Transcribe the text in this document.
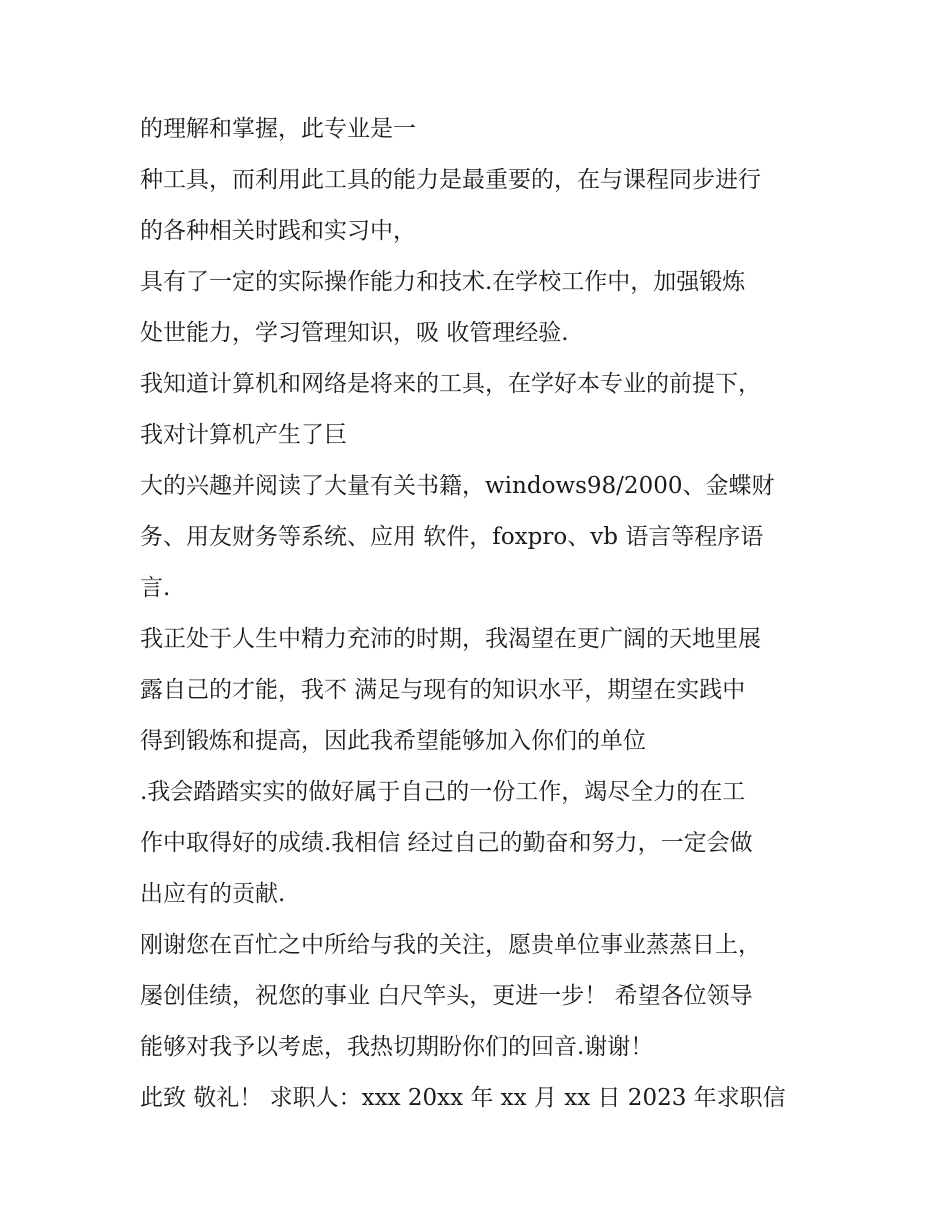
的理解和掌握，此专业是一

种工具，而利用此工具的能力是最重要的，在与课程同步进行

的各种相关时践和实习中，

具有了一定的实际操作能力和技术.在学校工作中，加强锻炼

处世能力，学习管理知识，吸 收管理经验.

我知道计算机和网络是将来的工具，在学好本专业的前提下，

我对计算机产生了巨

大的兴趣并阅读了大量有关书籍，windows98/2000、金蝶财

务、用友财务等系统、应用 软件，foxpro、vb 语言等程序语

言.

我正处于人生中精力充沛的时期，我渴望在更广阔的天地里展

露自己的才能，我不 满足与现有的知识水平，期望在实践中

得到锻炼和提高，因此我希望能够加入你们的单位

.我会踏踏实实的做好属于自己的一份工作，竭尽全力的在工

作中取得好的成绩.我相信 经过自己的勤奋和努力，一定会做

出应有的贡献.

刚谢您在百忙之中所给与我的关注，愿贵单位事业蒸蒸日上，

屡创佳绩，祝您的事业 白尺竿头，更进一步！ 希望各位领导

能够对我予以考虑，我热切期盼你们的回音.谢谢！

此致 敬礼！ 求职人：xxx 20xx 年 xx 月 xx 日 2023 年求职信
